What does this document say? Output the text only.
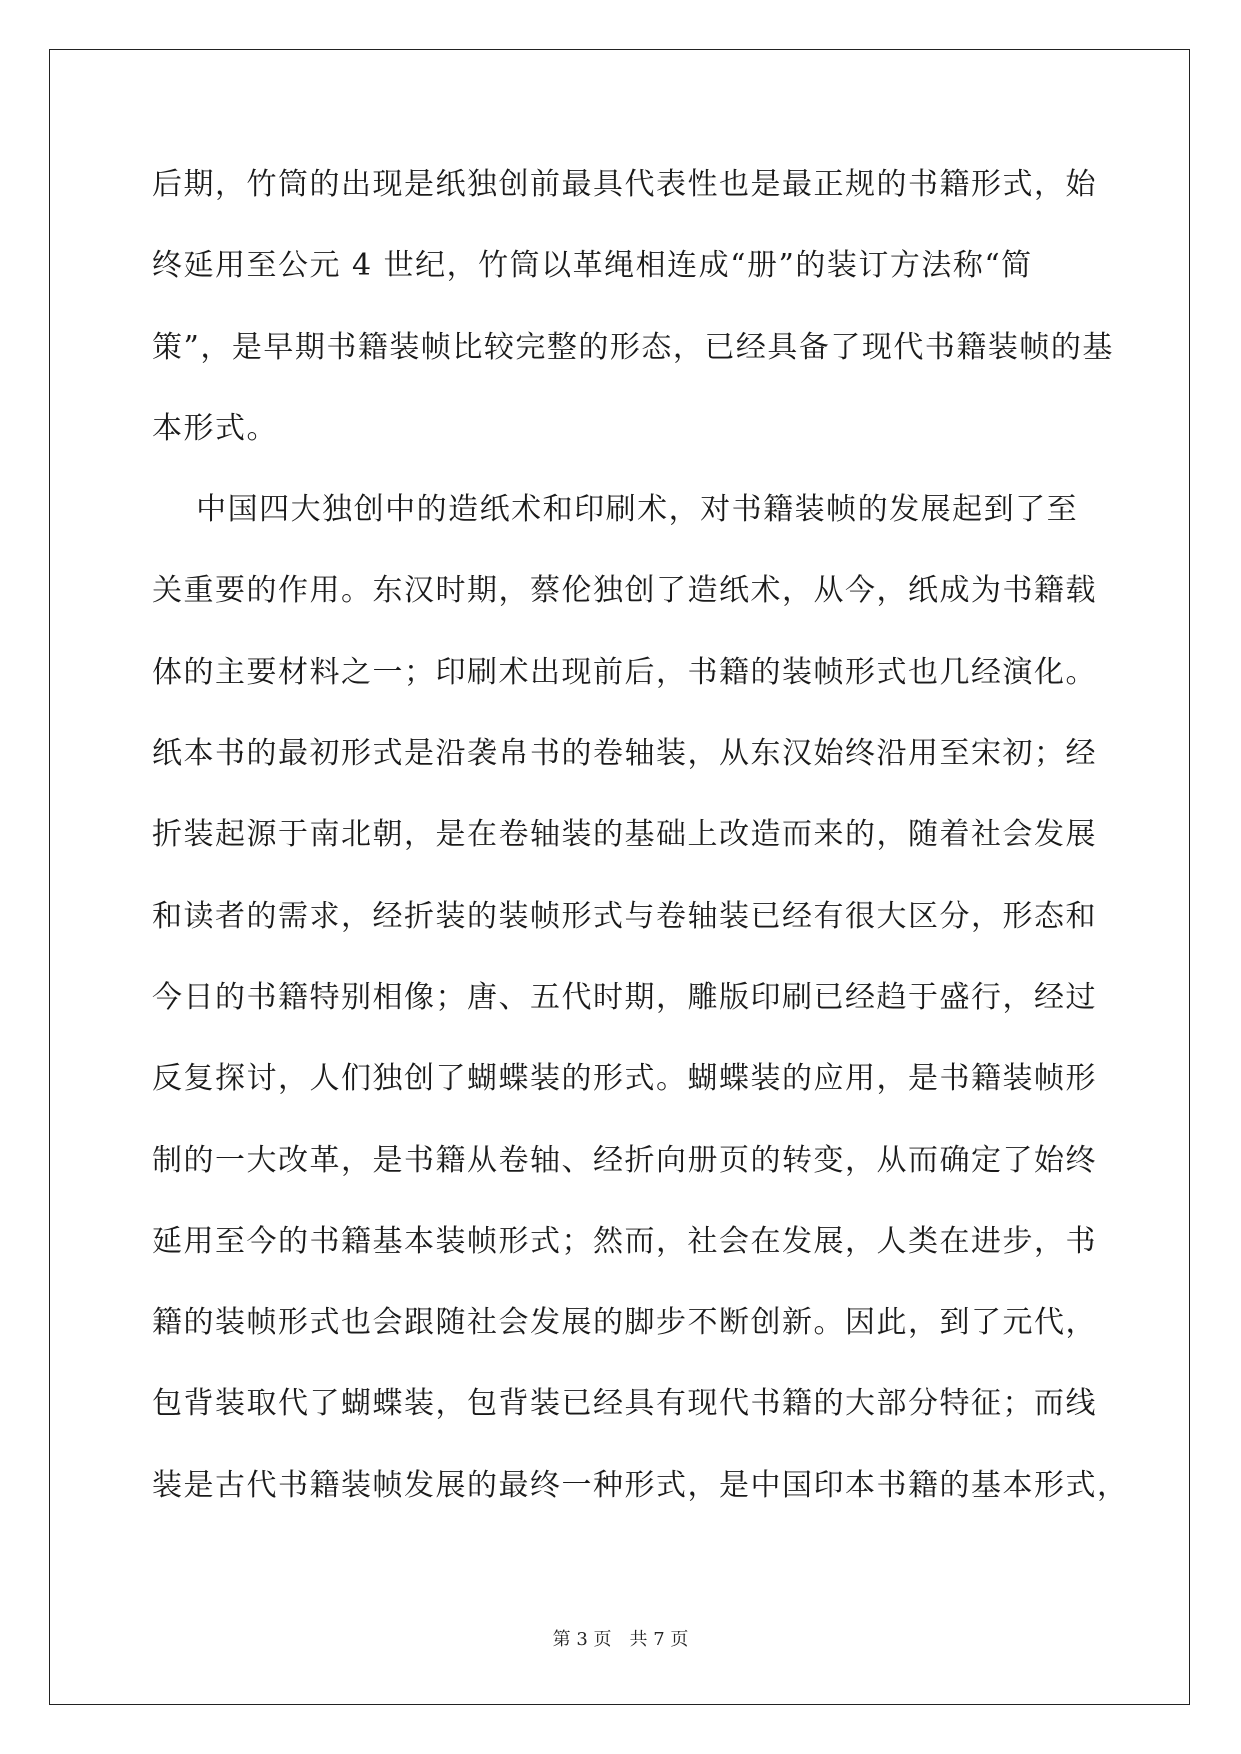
后期，竹筒的出现是纸独创前最具代表性也是最正规的书籍形式，始
终延用至公元 4 世纪，竹筒以革绳相连成“册”的装订方法称“简
策”，是早期书籍装帧比较完整的形态，已经具备了现代书籍装帧的基
本形式。
中国四大独创中的造纸术和印刷术，对书籍装帧的发展起到了至
关重要的作用。东汉时期，蔡伦独创了造纸术，从今，纸成为书籍载
体的主要材料之一；印刷术出现前后，书籍的装帧形式也几经演化。
纸本书的最初形式是沿袭帛书的卷轴装，从东汉始终沿用至宋初；经
折装起源于南北朝，是在卷轴装的基础上改造而来的，随着社会发展
和读者的需求，经折装的装帧形式与卷轴装已经有很大区分，形态和
今日的书籍特别相像；唐、五代时期，雕版印刷已经趋于盛行，经过
反复探讨，人们独创了蝴蝶装的形式。蝴蝶装的应用，是书籍装帧形
制的一大改革，是书籍从卷轴、经折向册页的转变，从而确定了始终
延用至今的书籍基本装帧形式；然而，社会在发展，人类在进步，书
籍的装帧形式也会跟随社会发展的脚步不断创新。因此，到了元代，
包背装取代了蝴蝶装，包背装已经具有现代书籍的大部分特征；而线
装是古代书籍装帧发展的最终一种形式，是中国印本书籍的基本形式，
第 3 页　共 7 页
